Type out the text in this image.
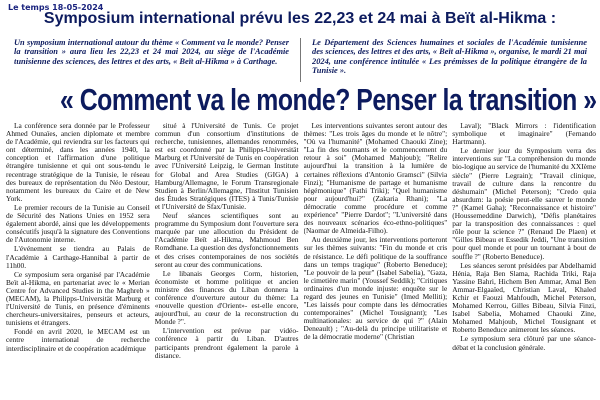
Le temps 18-05-2024
Symposium international prévu les 22,23 et 24 mai à Beït al-Hikma :
Un symposium international autour du thème « Comment va le monde? Penser la transition » aura lieu les 22,23 et 24 mai 2024, au siège de l'Académie tunisienne des sciences, des lettres et des arts, « Beït al-Hikma » à Carthage.
Le Département des Sciences humaines et sociales de l'Académie tunisienne des sciences, des lettres et des arts, « Beït al-Hikma », organise, le mardi 21 mai 2024, une conférence intitulée « Les prémisses de la politique étrangère de la Tunisie ».
« Comment va le monde? Penser la transition »

La conférence sera donnée par le Professeur Ahmed Ounaïes, ancien diplomate et membre de l'Académie, qui reviendra sur les facteurs qui ont déterminé, dans les années 1940, la conception et l'affirmation d'une politique étrangère tunisienne et qui ont sous-tendu le recentrage stratégique de la Tunisie, le réseau des bureaux de représentation du Néo Destour, notamment les bureaux du Caire et de New York.

Le premier recours de la Tunisie au Conseil de Sécurité des Nations Unies en 1952 sera également abordé, ainsi que les développements consécutifs jusqu'à la signature des Conventions de l'Autonomie interne.

L'événement se tiendra au Palais de l'Académie à Carthage-Hannibal à partir de 11h00.

Ce symposium sera organisé par l'Académie Beït al-Hikma, en partenariat avec le « Merian Centre for Advanced Studies in the Maghreb » (MECAM), la Philipps-Universität Marburg et l'Université de Tunis, en présence d'éminents chercheurs-universitaires, penseurs et acteurs, tunisiens et étrangers.

Fondé en avril 2020, le MECAM est un centre international de recherche interdisciplinaire et de coopération académique

situé à l'Université de Tunis. Ce projet commun d'un consortium d'institutions de recherche, tunisiennes, allemandes renommées, est est coordonné par la Philipps-Universität Marburg et l'Université de Tunis en coopération avec l'Université Leipzig, le German Institute for Global and Area Studies (GIGA) à Hamburg/Allemagne, le Forum Transregionale Studien à Berlin/Allemagne, l'Institut Tunisien des Études Stratégiques (ITES) à Tunis/Tunisie et l'Université de Sfax/Tunisie.

Neuf séances scientifiques sont au programme du Symposium dont l'ouverture sera marquée par une allocution du Président de l'Académie Beït al-Hikma, Mahmoud Ben Romdhane. La question des dysfonctionnements et des crises contemporaines de nos sociétés seront au cœur des communications.

Le libanais Georges Corm, historien, économiste et homme politique et ancien ministre des finances du Liban donnera la conférence d'ouverture autour du thème: La «nouvelle question d'Orient»- est-elle encore, aujourd'hui, au cœur de la reconstruction du Monde ?".

L'intervention est prévue par vidéo-conférence à partir du Liban. D'autres participants prendront également la parole à distance.

Les interventions suivantes seront autour des thèmes: "Les trois âges du monde et le nôtre"; "Où va l'humanité" (Mohamed Chaouki Zine); "La fin des tournants et le commencement du retour à soi" (Mohamed Mahjoub); "Relire aujourd'hui la transition à la lumière de certaines réflexions d'Antonio Gramsci" (Silvia Finzi); "Humanisme de partage et humanisme hégémonique" (Fathi Triki); "Quel humanisme pour aujourd'hui?" (Zakaria Rhani); "La démocratie comme procédure et comme expérience" "Pierre Dardot"; "L'université dans des nouveaux scénarios éco-ethno-politiques" (Naomar de Almeida-Filho).

Au deuxième jour, les interventions porteront sur les thèmes suivants: "Fin du monde et cris de résistance. Le défi politique de la souffrance dans un temps tragique" (Roberto Beneduce); "Le pouvoir de la peur" (Isabel Sabelia), "Gaza, le cimetière marin" (Youssef Seddik); "Critiques ordinaires d'un monde injuste: enquête sur le regard des jeunes en Tunisie" (Imed Melliti); "Les laissés pour compte dans les démocraties contemporaines" (Michel Tousignant); "Les multinationales: au service de qui ?" (Alain Deneault) ; "Au-delà du principe utilitariste et de la démocratie moderne" (Christian

Laval); "Black Mirrors : l'identification symbolique et imaginaire" (Fernando Hartmann).

Le dernier jour du Symposium verra des interventions sur "La compréhension du monde bio-logique au service de l'humanité du XXIème siècle" (Pierre Legrain); "Travail clinique, travail de culture dans la rencontre du déshumain" (Michel Peterson); "Credo quia absurdum: la poésie peut-elle sauver le monde ?" (Kamel Gaha); "Reconnaissance et histoire" (Houssemeddine Darwich), "Défis planétaires par la transposition des connaissances : quel rôle pour la science ?" (Renaud De Plaen) et "Gilles Bibeau et Essedik Jeddi, "Une transition pour quel monde et pour un tournant à bout de souffle ?" (Roberto Beneduce).

Les séances seront présidées par Abdelhamid Hénia, Raja Ben Slama, Rachida Triki, Raja Yassine Bahri, Hichem Ben Ammar, Amal Ben Ammar-Elgaaïed, Christian Laval, Khaled Kchir et Faouzi Mahfoudh, Michel Peterson, Mohamed Kerrou, Gilles Bibeau, Silvia Finzi, Isabel Sabelia, Mohamed Chaouki Zine, Mohamed Mahjoub, Michel Tousignant et Roberto Beneduce animeront les séances.

Le symposium sera clôturé par une séance-débat et la conclusion générale.
